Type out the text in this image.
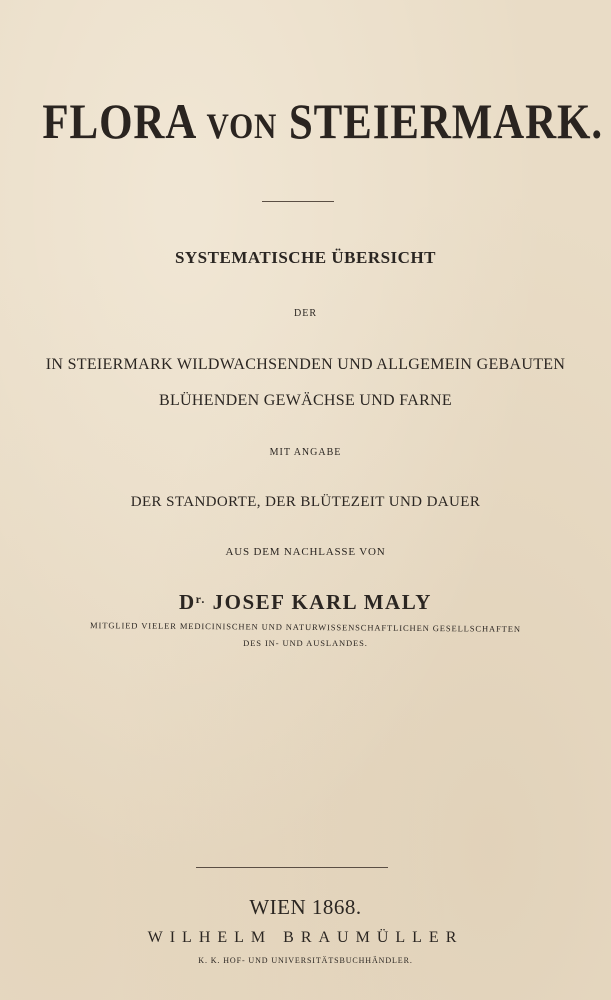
FLORA VON STEIERMARK.

SYSTEMATISCHE ÜBERSICHT

DER

IN STEIERMARK WILDWACHSENDEN UND ALLGEMEIN GEBAUTEN

BLÜHENDEN GEWÄCHSE UND FARNE

MIT ANGABE

DER STANDORTE, DER BLÜTEZEIT UND DAUER

AUS DEM NACHLASSE VON

$D^{r.}$ JOSEF KARL MALY

MITGLIED VIELER MEDICINISCHEN UND NATURWISSENSCHAFTLICHEN GESELLSCHAFTEN

DES IN- UND AUSLANDES.

WIEN 1868.

WILHELM BRAUMÜLLER

K. K. HOF- UND UNIVERSITÄTSBUCHHÄNDLER.
